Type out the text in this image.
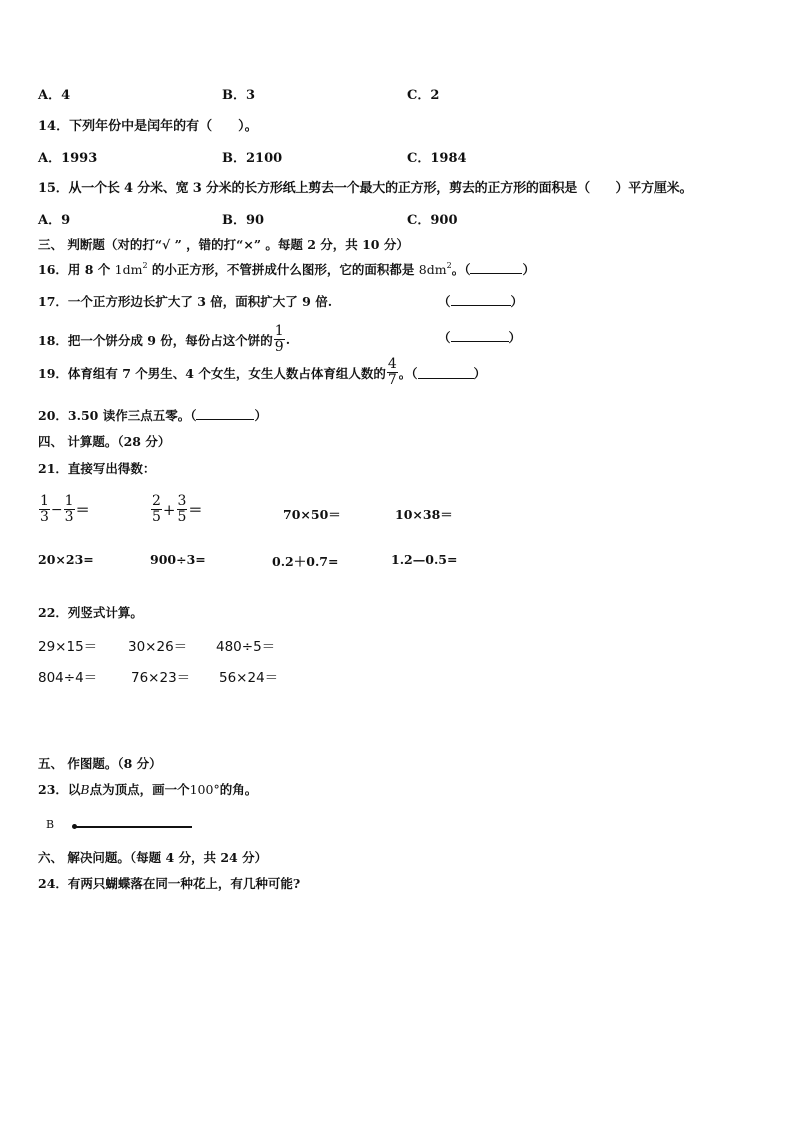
A．4	B．3	C．2
14．下列年份中是闰年的有（　　）。
A．1993	B．2100	C．1984
15．从一个长 4 分米、宽 3 分米的长方形纸上剪去一个最大的正方形，剪去的正方形的面积是（　　）平方厘米。
A．9	B．90	C．900
三、 判断题（对的打“√ ” ，错的打“×” 。每题 2 分，共 10 分）
16．用 8 个 $1dm^2$ 的小正方形，不管拼成什么图形，它的面积都是 $8dm^2$。（	）
17．一个正方形边长扩大了 3 倍，面积扩大了 9 倍.	（	）
18．把一个饼分成 9 份，每份占这个饼的 $\frac{1}{9}$ .	（	）
19．体育组有 7 个男生、4 个女生，女生人数占体育组人数的 $\frac{4}{7}$ 。（	）
20．3.50 读作三点五零。（	）
四、 计算题。（28 分）
21．直接写出得数：
$\frac{1}{3} - \frac{1}{3}$ ＝	$\frac{2}{5} + \frac{3}{5}$ ＝	70×50＝	10×38＝
20×23=	900÷3=	0.2＋0.7=	1.2—0.5=
22．列竖式计算。
29×15＝ 30×26＝ 480÷5＝
804÷4＝	76×23＝ 56×24＝
五、 作图题。（8 分）
23．以B点为顶点，画一个100°的角。
B
六、 解决问题。（每题 4 分，共 24 分）
24．有两只蝴蝶落在同一种花上，有几种可能?
